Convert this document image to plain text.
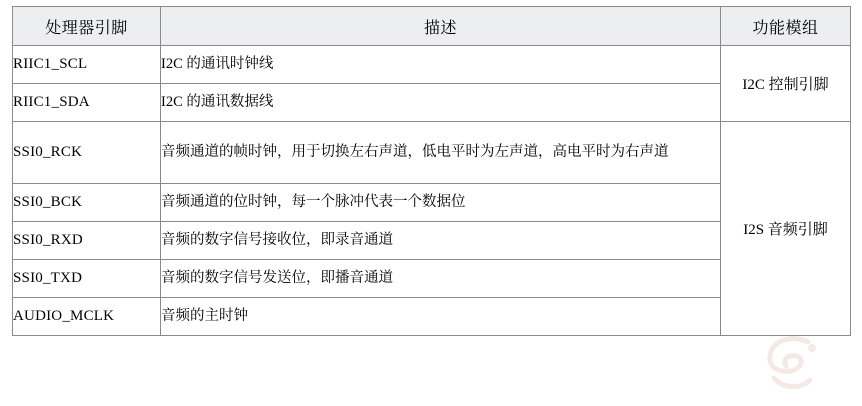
处理器引脚	描述	功能模组
RIIC1_SCL	I2C 的通讯时钟线	I2C 控制引脚
RIIC1_SDA	I2C 的通讯数据线	
SSI0_RCK	音频通道的帧时钟，用于切换左右声道，低电平时为左声道，高电平时为右声道	I2S 音频引脚
SSI0_BCK	音频通道的位时钟，每一个脉冲代表一个数据位	
SSI0_RXD	音频的数字信号接收位，即录音通道	
SSI0_TXD	音频的数字信号发送位，即播音通道	
AUDIO_MCLK	音频的主时钟	
